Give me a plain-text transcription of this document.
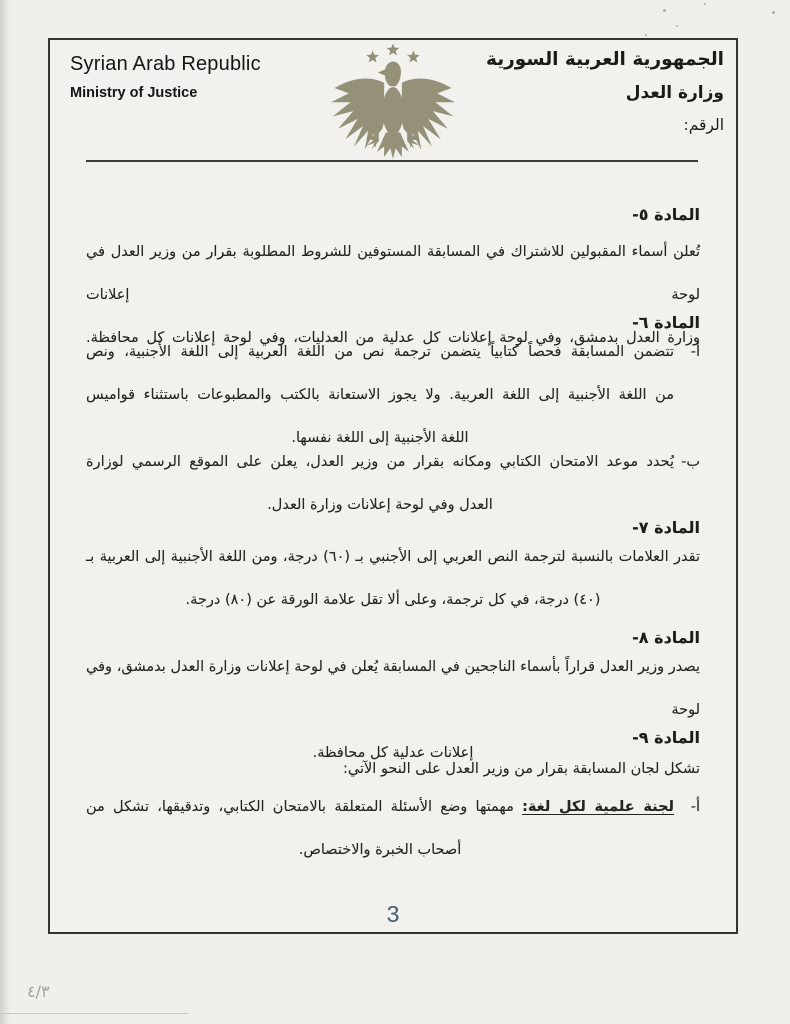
Syrian Arab Republic
Ministry of Justice
الجمهورية العربية السورية
وزارة العدل
الرقم:
المادة ٥-
تُعلن أسماء المقبولين للاشتراك في المسابقة المستوفين للشروط المطلوبة بقرار من وزير العدل في لوحة إعلانات
وزارة العدل بدمشق، وفي لوحة إعلانات كل عدلية من العدليات، وفي لوحة إعلانات كل محافظة.
المادة ٦-
أ-
تتضمن المسابقة فحصاً كتابياً يتضمن ترجمة نص من اللغة العربية إلى اللغة الأجنبية، ونص
من اللغة الأجنبية إلى اللغة العربية. ولا يجوز الاستعانة بالكتب والمطبوعات باستثناء قواميس
اللغة الأجنبية إلى اللغة نفسها.
ب-
يُحدد موعد الامتحان الكتابي ومكانه بقرار من وزير العدل، يعلن على الموقع الرسمي لوزارة
العدل وفي لوحة إعلانات وزارة العدل.
المادة ٧-
تقدر العلامات بالنسبة لترجمة النص العربي إلى الأجنبي بـ (٦٠) درجة، ومن اللغة الأجنبية إلى العربية بـ
(٤٠) درجة، في كل ترجمة، وعلى ألا تقل علامة الورقة عن (٨٠) درجة.
المادة ٨-
يصدر وزير العدل قراراً بأسماء الناجحين في المسابقة يُعلن في لوحة إعلانات وزارة العدل بدمشق، وفي لوحة
إعلانات عدلية كل محافظة.
المادة ٩-
تشكل لجان المسابقة بقرار من وزير العدل على النحو الآتي:
أ-
لجنة علمية لكل لغة: مهمتها وضع الأسئلة المتعلقة بالامتحان الكتابي، وتدقيقها، تشكل من
أصحاب الخبرة والاختصاص.
3
٤/٣
